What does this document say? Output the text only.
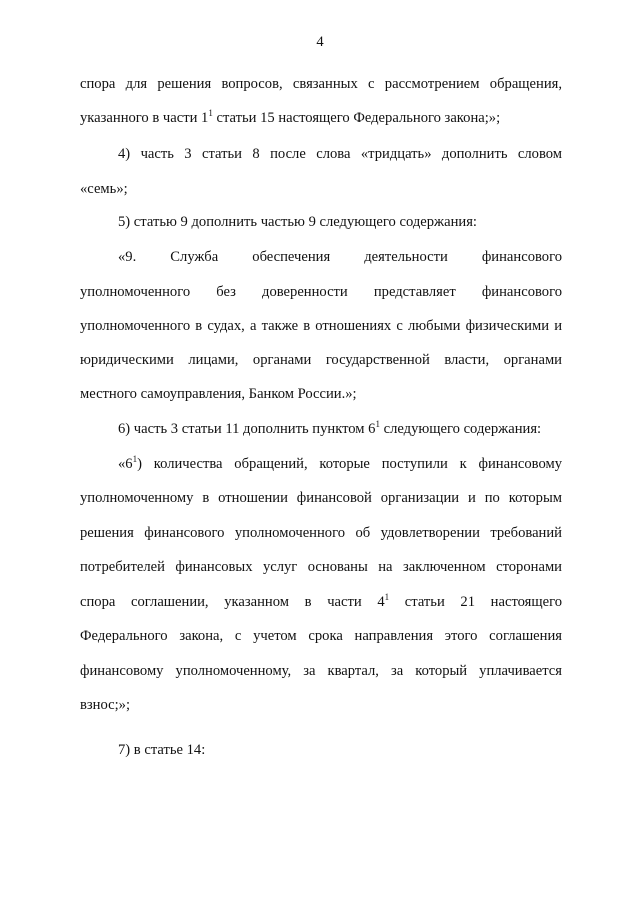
4
спора для решения вопросов, связанных с рассмотрением обращения,
указанного в части $1^1$ статьи 15 настоящего Федерального закона;»;
4) часть 3 статьи 8 после слова «тридцать» дополнить словом
«семь»;
5) статью 9 дополнить частью 9 следующего содержания:
«9. Служба обеспечения деятельности финансового
уполномоченного без доверенности представляет финансового
уполномоченного в судах, а также в отношениях с любыми физическими и
юридическими лицами, органами государственной власти, органами
местного самоуправления, Банком России.»;
6) часть 3 статьи 11 дополнить пунктом $6^1$ следующего содержания:
«$6^1$) количества обращений, которые поступили к финансовому
уполномоченному в отношении финансовой организации и по которым
решения финансового уполномоченного об удовлетворении требований
потребителей финансовых услуг основаны на заключенном сторонами
спора соглашении, указанном в части $4^1$ статьи 21 настоящего
Федерального закона, с учетом срока направления этого соглашения
финансовому уполномоченному, за квартал, за который уплачивается
взнос;»;
7) в статье 14:
